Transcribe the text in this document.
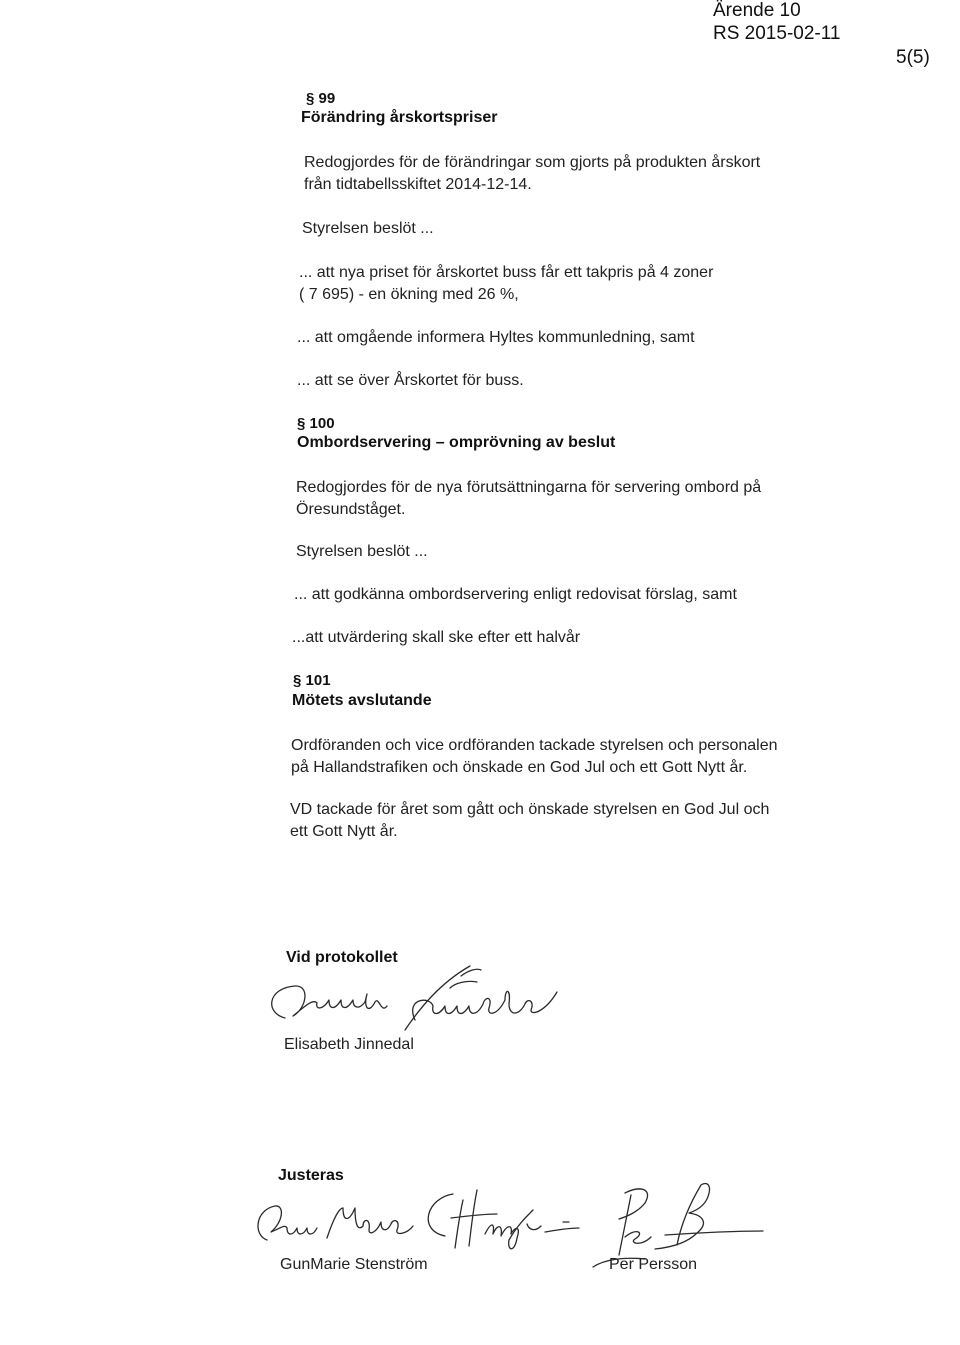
Ärende 10
RS 2015-02-11
5(5)
§ 99
Förändring årskortspriser
Redogjordes för de förändringar som gjorts på produkten årskort
från tidtabellsskiftet 2014-12-14.
Styrelsen beslöt ...
... att nya priset för årskortet buss får ett takpris på 4 zoner
( 7 695) - en ökning med 26 %,
... att omgående informera Hyltes kommunledning, samt
... att se över Årskortet för buss.
§ 100
Ombordservering – omprövning av beslut
Redogjordes för de nya förutsättningarna för servering ombord på
Öresundståget.
Styrelsen beslöt ...
... att godkänna ombordservering enligt redovisat förslag, samt
...att utvärdering skall ske efter ett halvår
§ 101
Mötets avslutande
Ordföranden och vice ordföranden tackade styrelsen och personalen
på Hallandstrafiken och önskade en God Jul och ett Gott Nytt år.
VD tackade för året som gått och önskade styrelsen en God Jul och
ett Gott Nytt år.
Vid protokollet
Elisabeth Jinnedal
Justeras
GunMarie Stenström	Per Persson
